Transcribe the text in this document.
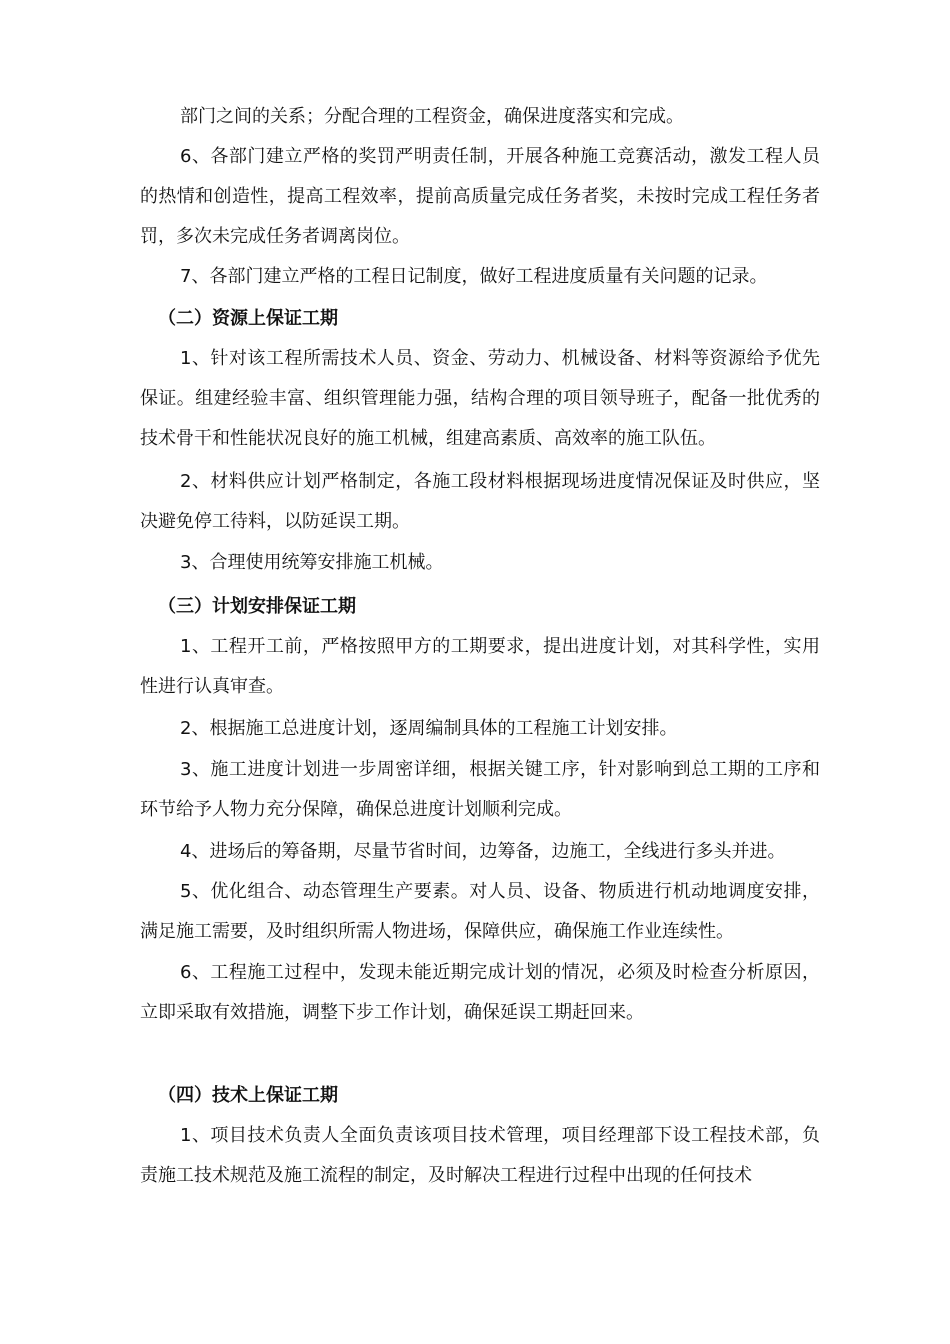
部门之间的关系；分配合理的工程资金，确保进度落实和完成。

6、各部门建立严格的奖罚严明责任制，开展各种施工竞赛活动，激发工程人员的热情和创造性，提高工程效率，提前高质量完成任务者奖，未按时完成工程任务者罚，多次未完成任务者调离岗位。

7、各部门建立严格的工程日记制度，做好工程进度质量有关问题的记录。

（二）资源上保证工期

1、针对该工程所需技术人员、资金、劳动力、机械设备、材料等资源给予优先保证。组建经验丰富、组织管理能力强，结构合理的项目领导班子，配备一批优秀的技术骨干和性能状况良好的施工机械，组建高素质、高效率的施工队伍。

2、材料供应计划严格制定，各施工段材料根据现场进度情况保证及时供应，坚决避免停工待料，以防延误工期。

3、合理使用统筹安排施工机械。

（三）计划安排保证工期

1、工程开工前，严格按照甲方的工期要求，提出进度计划，对其科学性，实用性进行认真审查。

2、根据施工总进度计划，逐周编制具体的工程施工计划安排。

3、施工进度计划进一步周密详细，根据关键工序，针对影响到总工期的工序和环节给予人物力充分保障，确保总进度计划顺利完成。

4、进场后的筹备期，尽量节省时间，边筹备，边施工，全线进行多头并进。

5、优化组合、动态管理生产要素。对人员、设备、物质进行机动地调度安排，满足施工需要，及时组织所需人物进场，保障供应，确保施工作业连续性。

6、工程施工过程中，发现未能近期完成计划的情况，必须及时检查分析原因，立即采取有效措施，调整下步工作计划，确保延误工期赶回来。

（四）技术上保证工期

1、项目技术负责人全面负责该项目技术管理，项目经理部下设工程技术部，负责施工技术规范及施工流程的制定，及时解决工程进行过程中出现的任何技术
